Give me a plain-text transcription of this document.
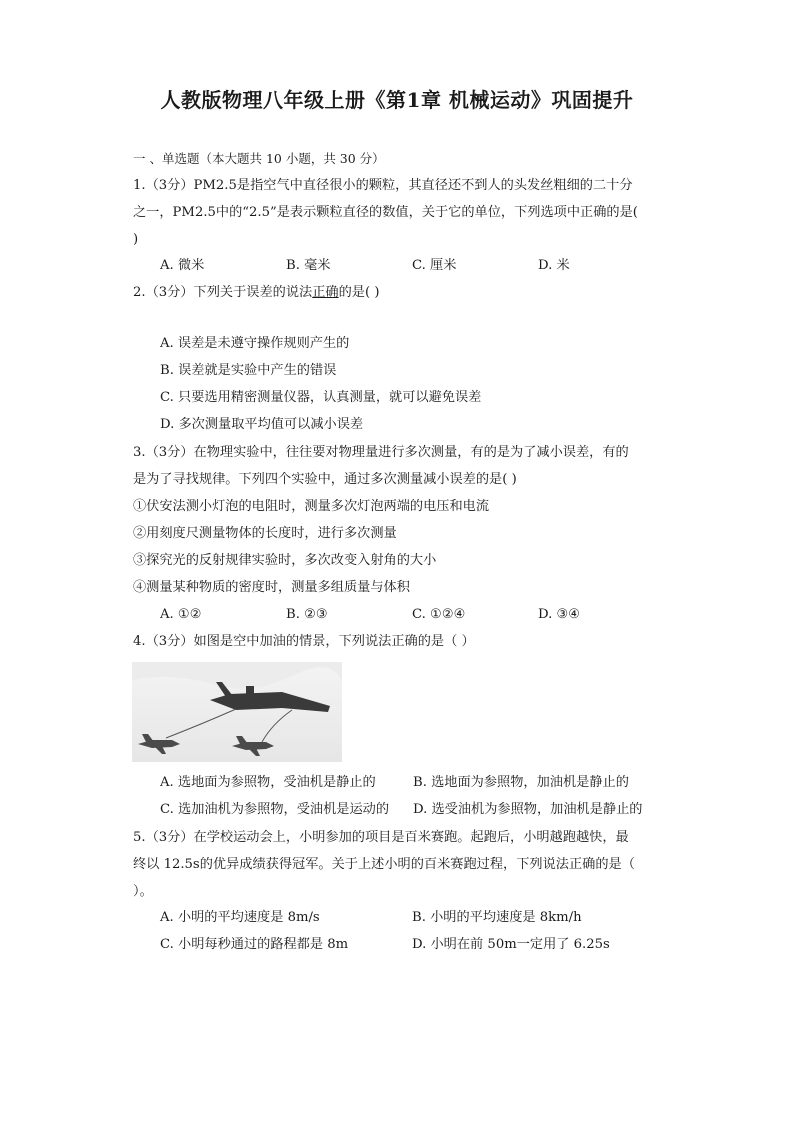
人教版物理八年级上册《第1章 机械运动》巩固提升
一 、单选题（本大题共 10 小题，共 30 分）
1.（3分）PM2.5是指空气中直径很小的颗粒，其直径还不到人的头发丝粗细的二十分
之一，PM2.5中的“2.5”是表示颗粒直径的数值，关于它的单位，下列选项中正确的是(
)
A. 微米	B. 毫米	C. 厘米	D. 米
2.（3分）下列关于误差的说法正确的是( )
A. 误差是未遵守操作规则产生的
B. 误差就是实验中产生的错误
C. 只要选用精密测量仪器，认真测量，就可以避免误差
D. 多次测量取平均值可以减小误差
3.（3分）在物理实验中，往往要对物理量进行多次测量，有的是为了减小误差，有的
是为了寻找规律。下列四个实验中，通过多次测量减小误差的是( )
①伏安法测小灯泡的电阻时，测量多次灯泡两端的电压和电流
②用刻度尺测量物体的长度时，进行多次测量
③探究光的反射规律实验时，多次改变入射角的大小
④测量某种物质的密度时，测量多组质量与体积
A. ①②	B. ②③	C. ①②④	D. ③④
4.（3分）如图是空中加油的情景，下列说法正确的是（ ）
A. 选地面为参照物，受油机是静止的	B. 选地面为参照物，加油机是静止的
C. 选加油机为参照物，受油机是运动的 D. 选受油机为参照物，加油机是静止的
5.（3分）在学校运动会上，小明参加的项目是百米赛跑。起跑后，小明越跑越快，最
终以 12.5s的优异成绩获得冠军。关于上述小明的百米赛跑过程，下列说法正确的是（
）。
A. 小明的平均速度是 8m/s	B. 小明的平均速度是 8km/h
C. 小明每秒通过的路程都是 8m	D. 小明在前 50m一定用了 6.25s
